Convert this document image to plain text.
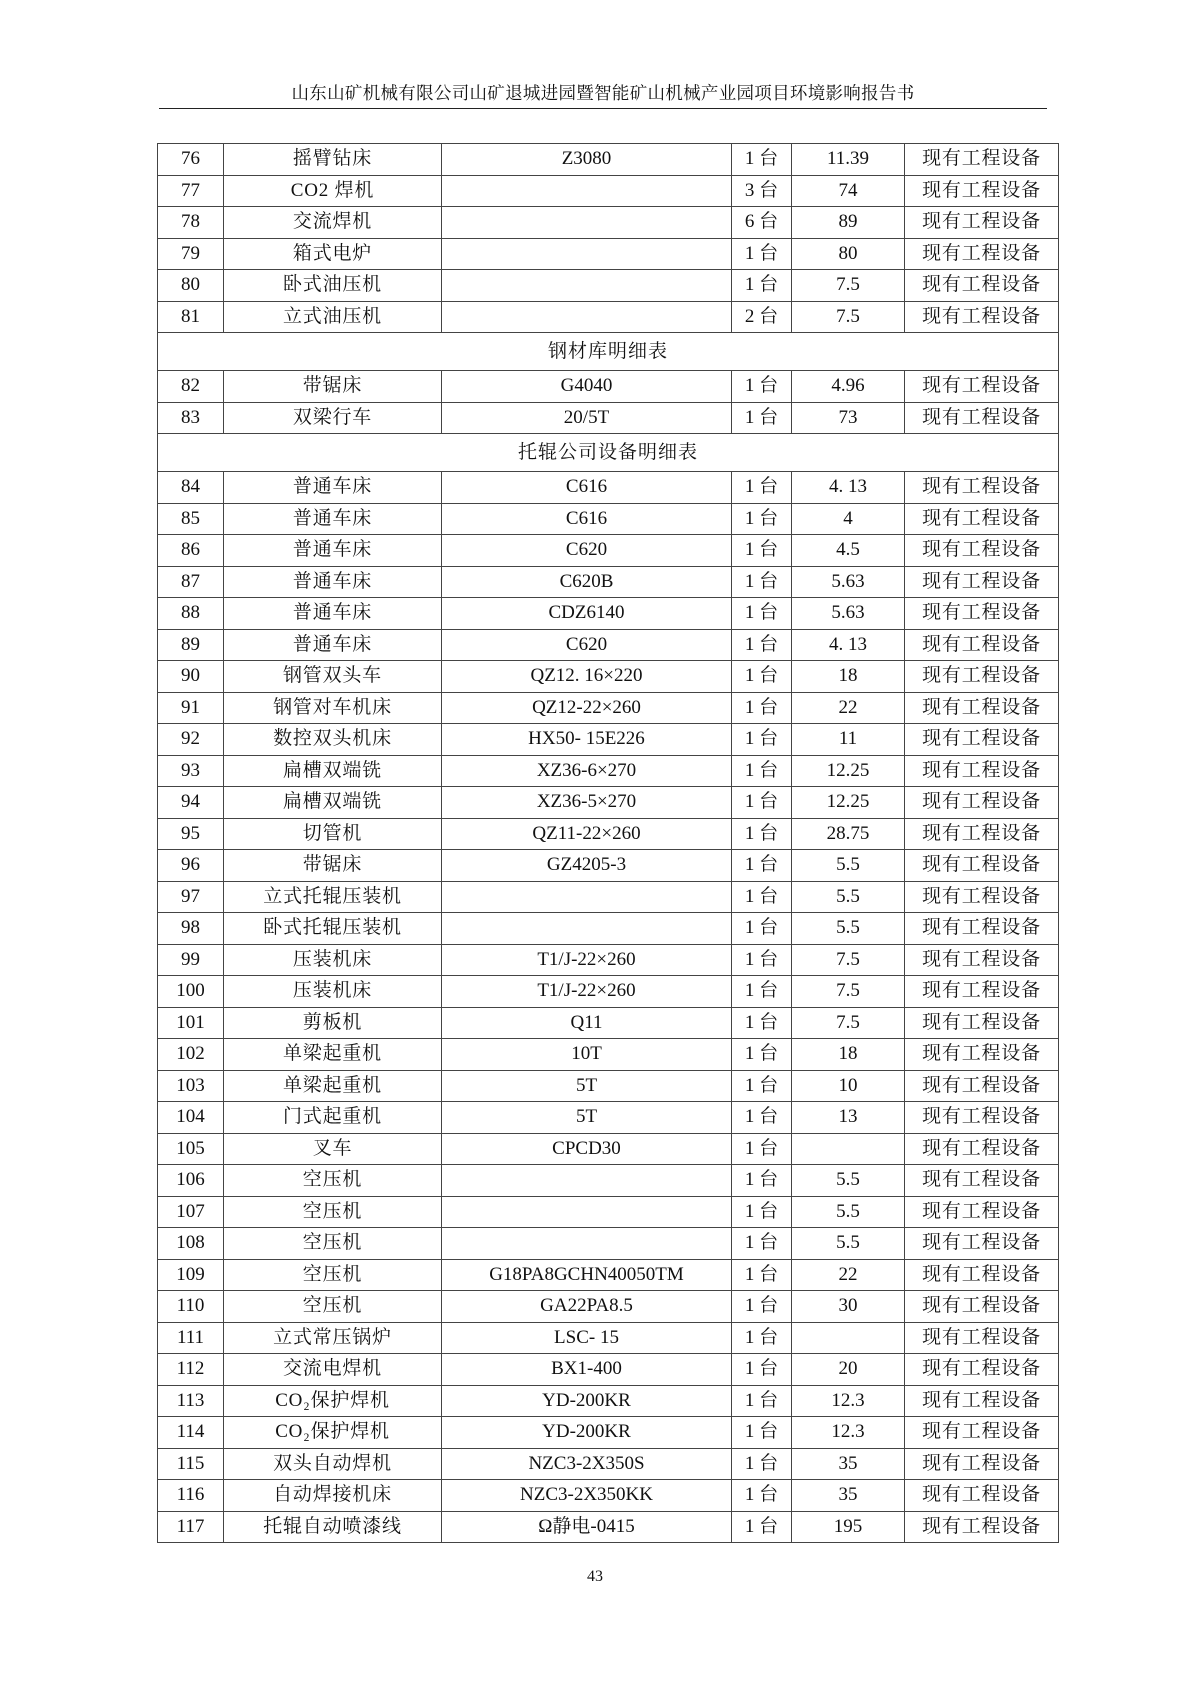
山东山矿机械有限公司山矿退城进园暨智能矿山机械产业园项目环境影响报告书
76	摇臂钻床	Z3080	1 台	11.39	现有工程设备
77	CO2 焊机		3 台	74	现有工程设备
78	交流焊机		6 台	89	现有工程设备
79	箱式电炉		1 台	80	现有工程设备
80	卧式油压机		1 台	7.5	现有工程设备
81	立式油压机		2 台	7.5	现有工程设备
钢材库明细表					
82	带锯床	G4040	1 台	4.96	现有工程设备
83	双梁行车	20/5T	1 台	73	现有工程设备
托辊公司设备明细表					
84	普通车床	C616	1 台	4. 13	现有工程设备
85	普通车床	C616	1 台	4	现有工程设备
86	普通车床	C620	1 台	4.5	现有工程设备
87	普通车床	C620B	1 台	5.63	现有工程设备
88	普通车床	CDZ6140	1 台	5.63	现有工程设备
89	普通车床	C620	1 台	4. 13	现有工程设备
90	钢管双头车	QZ12. 16×220	1 台	18	现有工程设备
91	钢管对车机床	QZ12-22×260	1 台	22	现有工程设备
92	数控双头机床	HX50- 15E226	1 台	11	现有工程设备
93	扁槽双端铣	XZ36-6×270	1 台	12.25	现有工程设备
94	扁槽双端铣	XZ36-5×270	1 台	12.25	现有工程设备
95	切管机	QZ11-22×260	1 台	28.75	现有工程设备
96	带锯床	GZ4205-3	1 台	5.5	现有工程设备
97	立式托辊压装机		1 台	5.5	现有工程设备
98	卧式托辊压装机		1 台	5.5	现有工程设备
99	压装机床	T1/J-22×260	1 台	7.5	现有工程设备
100	压装机床	T1/J-22×260	1 台	7.5	现有工程设备
101	剪板机	Q11	1 台	7.5	现有工程设备
102	单梁起重机	10T	1 台	18	现有工程设备
103	单梁起重机	5T	1 台	10	现有工程设备
104	门式起重机	5T	1 台	13	现有工程设备
105	叉车	CPCD30	1 台		现有工程设备
106	空压机		1 台	5.5	现有工程设备
107	空压机		1 台	5.5	现有工程设备
108	空压机		1 台	5.5	现有工程设备
109	空压机	G18PA8GCHN40050TM	1 台	22	现有工程设备
110	空压机	GA22PA8.5	1 台	30	现有工程设备
111	立式常压锅炉	LSC- 15	1 台		现有工程设备
112	交流电焊机	BX1-400	1 台	20	现有工程设备
113	CO₂保护焊机	YD-200KR	1 台	12.3	现有工程设备
114	CO₂保护焊机	YD-200KR	1 台	12.3	现有工程设备
115	双头自动焊机	NZC3-2X350S	1 台	35	现有工程设备
116	自动焊接机床	NZC3-2X350KK	1 台	35	现有工程设备
117	托辊自动喷漆线	Ω静电-0415	1 台	195	现有工程设备
43
